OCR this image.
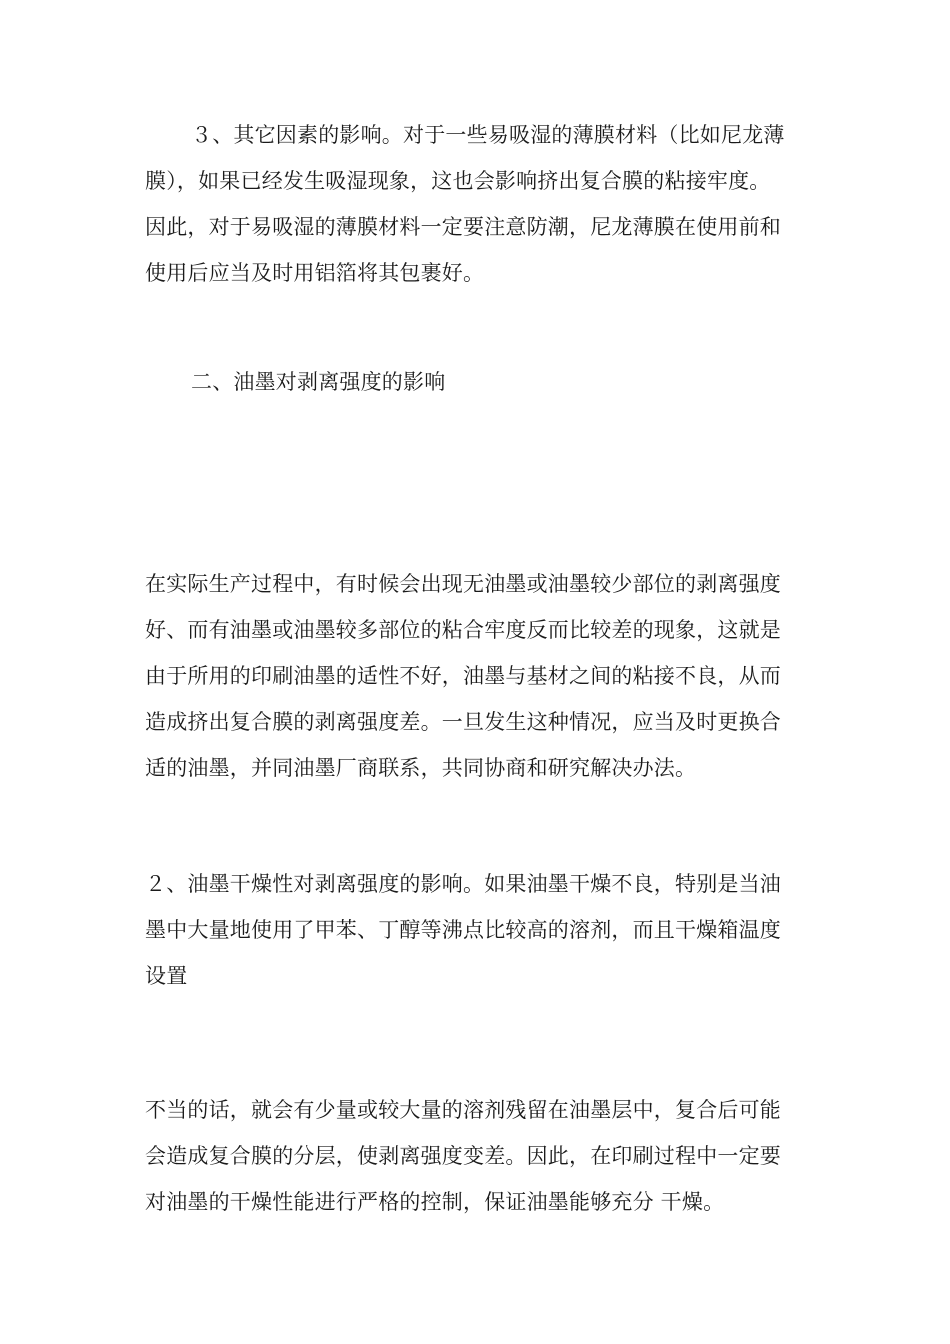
３、其它因素的影响。对于一些易吸湿的薄膜材料（比如尼龙薄
膜），如果已经发生吸湿现象，这也会影响挤出复合膜的粘接牢度。
因此，对于易吸湿的薄膜材料一定要注意防潮，尼龙薄膜在使用前和
使用后应当及时用铝箔将其包裹好。
二、油墨对剥离强度的影响
在实际生产过程中，有时候会出现无油墨或油墨较少部位的剥离强度
好、而有油墨或油墨较多部位的粘合牢度反而比较差的现象，这就是
由于所用的印刷油墨的适性不好，油墨与基材之间的粘接不良，从而
造成挤出复合膜的剥离强度差。一旦发生这种情况，应当及时更换合
适的油墨，并同油墨厂商联系，共同协商和研究解决办法。
２、油墨干燥性对剥离强度的影响。如果油墨干燥不良，特别是当油
墨中大量地使用了甲苯、丁醇等沸点比较高的溶剂，而且干燥箱温度
设置
不当的话，就会有少量或较大量的溶剂残留在油墨层中，复合后可能
会造成复合膜的分层，使剥离强度变差。因此，在印刷过程中一定要
对油墨的干燥性能进行严格的控制，保证油墨能够充分 干燥。
